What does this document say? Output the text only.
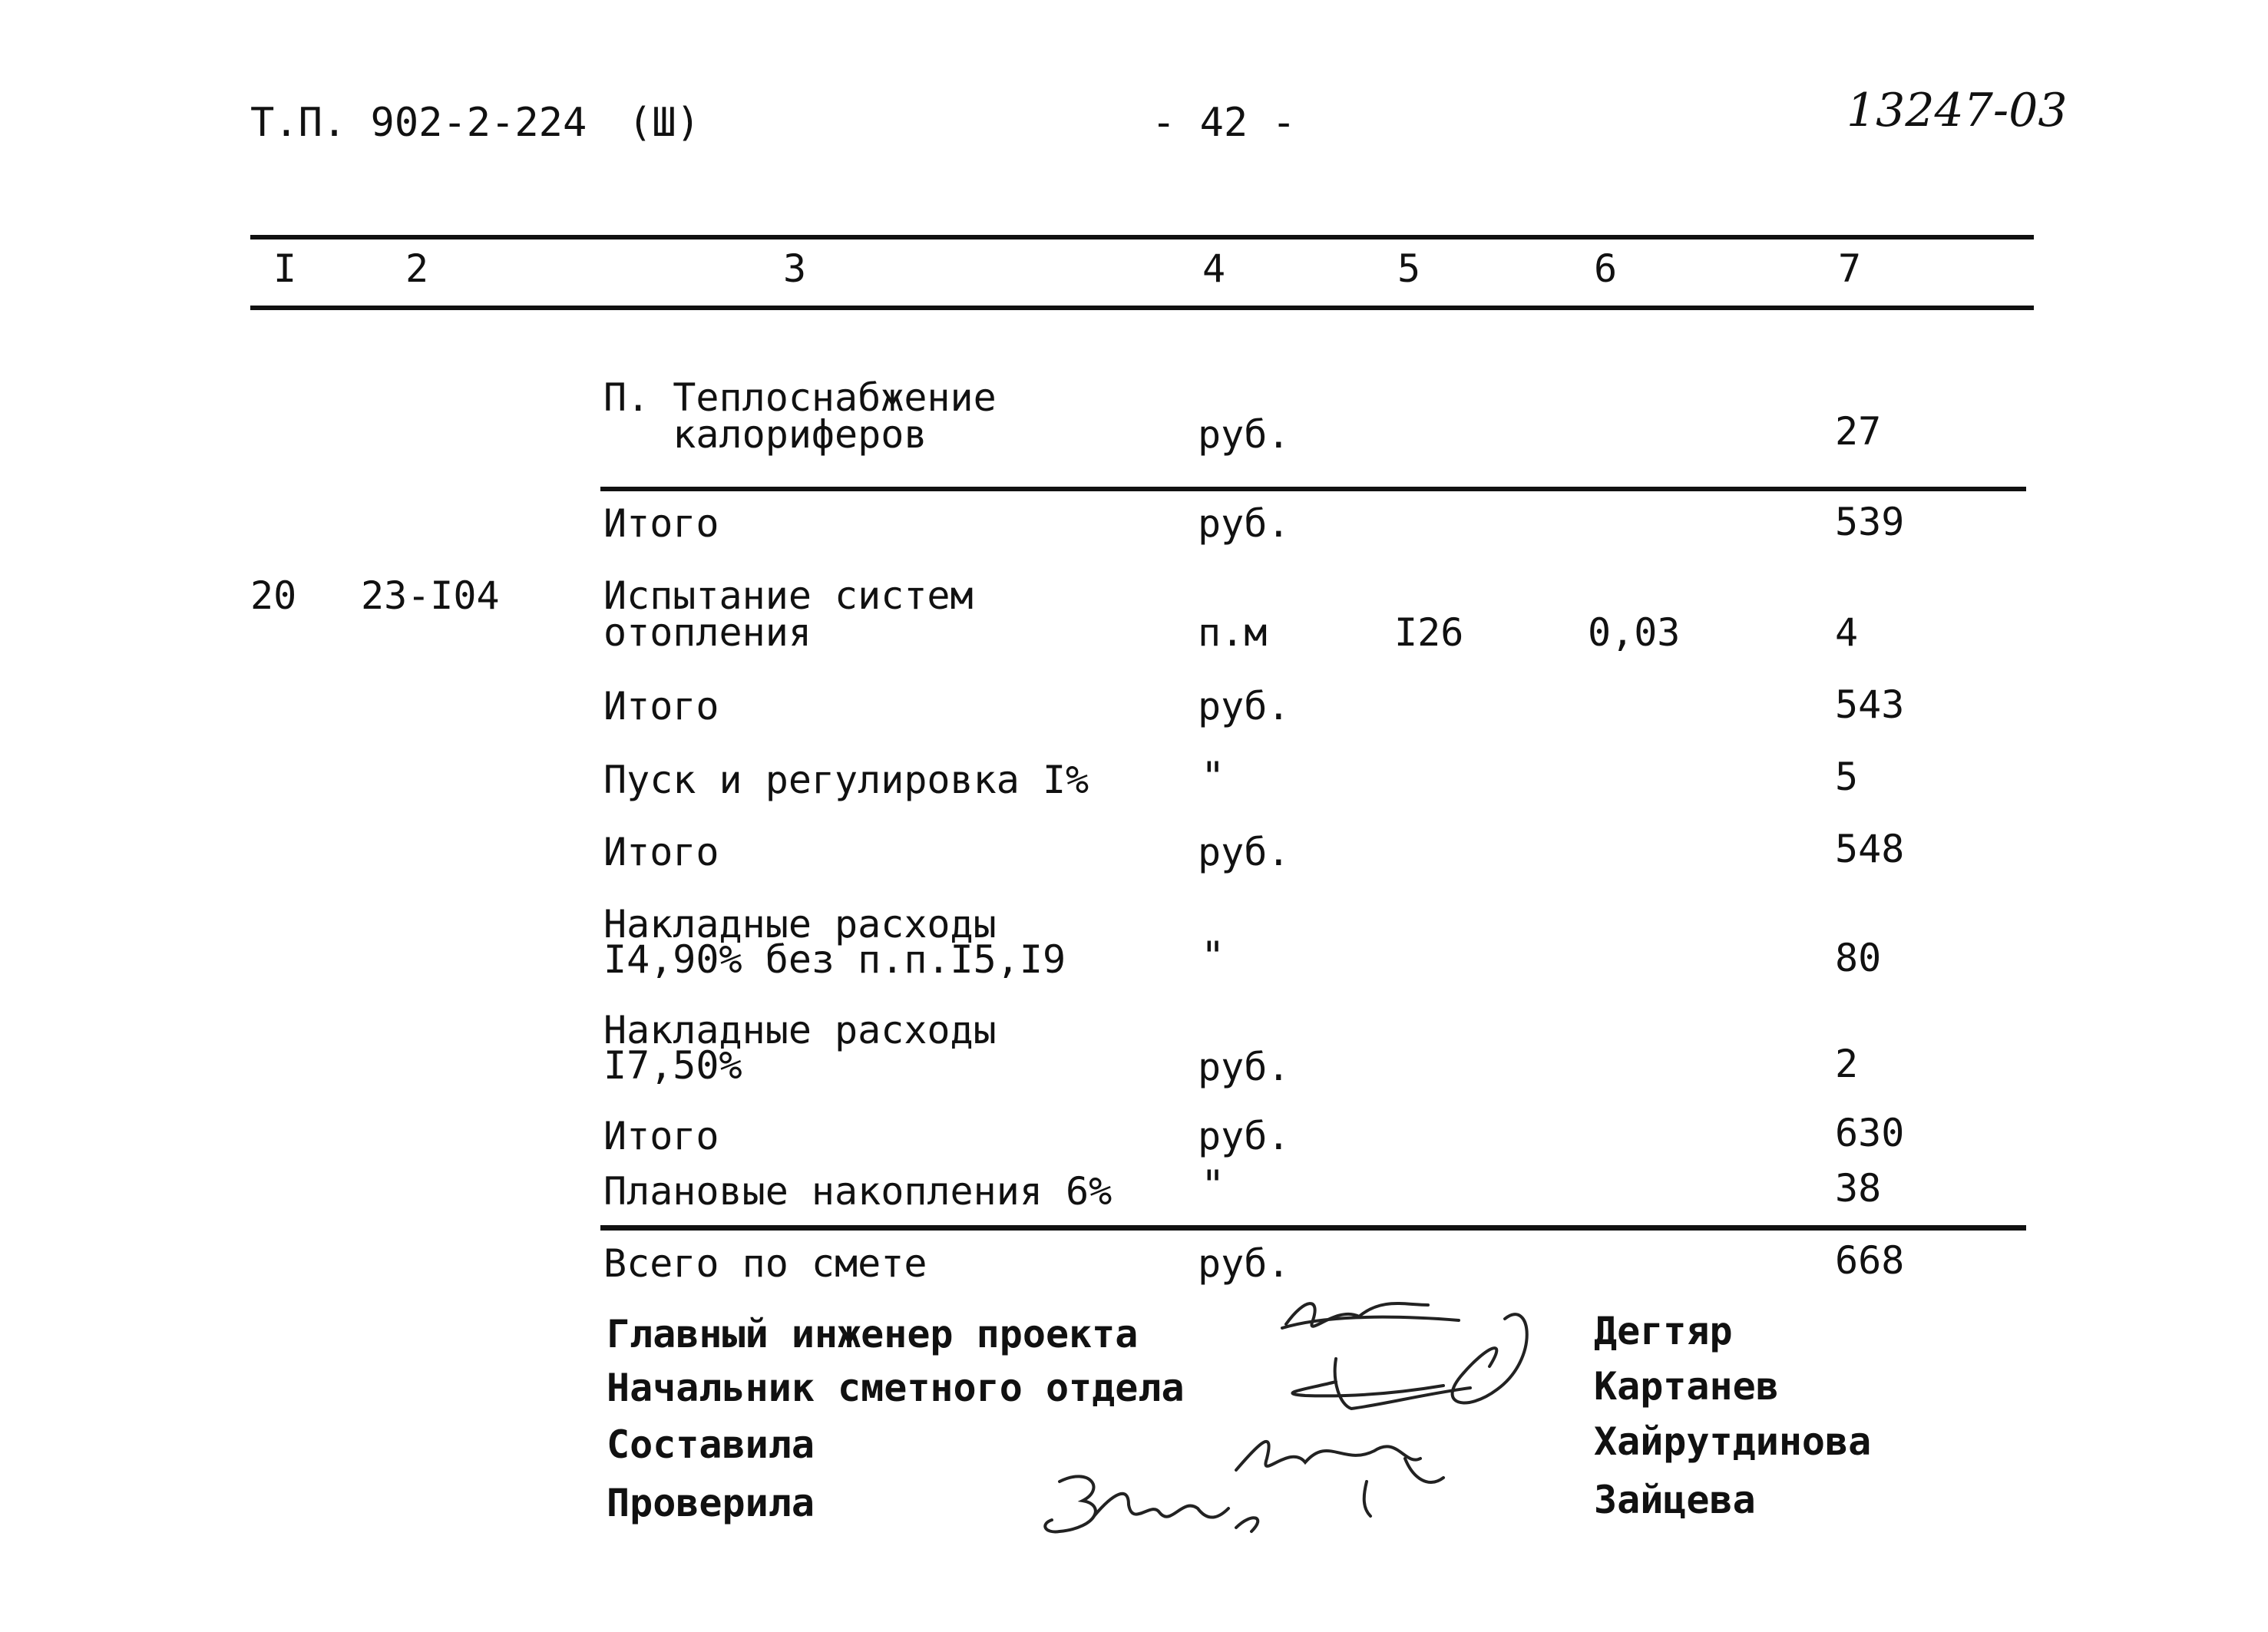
Т.П. 902-2-224 (Ш)	- 42 -	13247-03
I	2	3	4	5	6	7
П. Теплоснабжение
калориферов	руб.	27
Итого	руб.	539
20 23-I04	Испытание систем
отопления	п.м	I26	0,03	4
Итого	руб.	543
Пуск и регулировка I%	"	5
Итого	руб.	548
Накладные расходы
I4,90% без п.п.I5,I9	"	80
Накладные расходы
I7,50%	руб.	2
Итого	руб.	630
Плановые накопления 6% "	38
Всего по смете	руб.	668
Главный инженер проекта	Дегтяр
Начальник сметного отдела	Картанев
Составила	Хайрутдинова
Проверила	Зайцева
